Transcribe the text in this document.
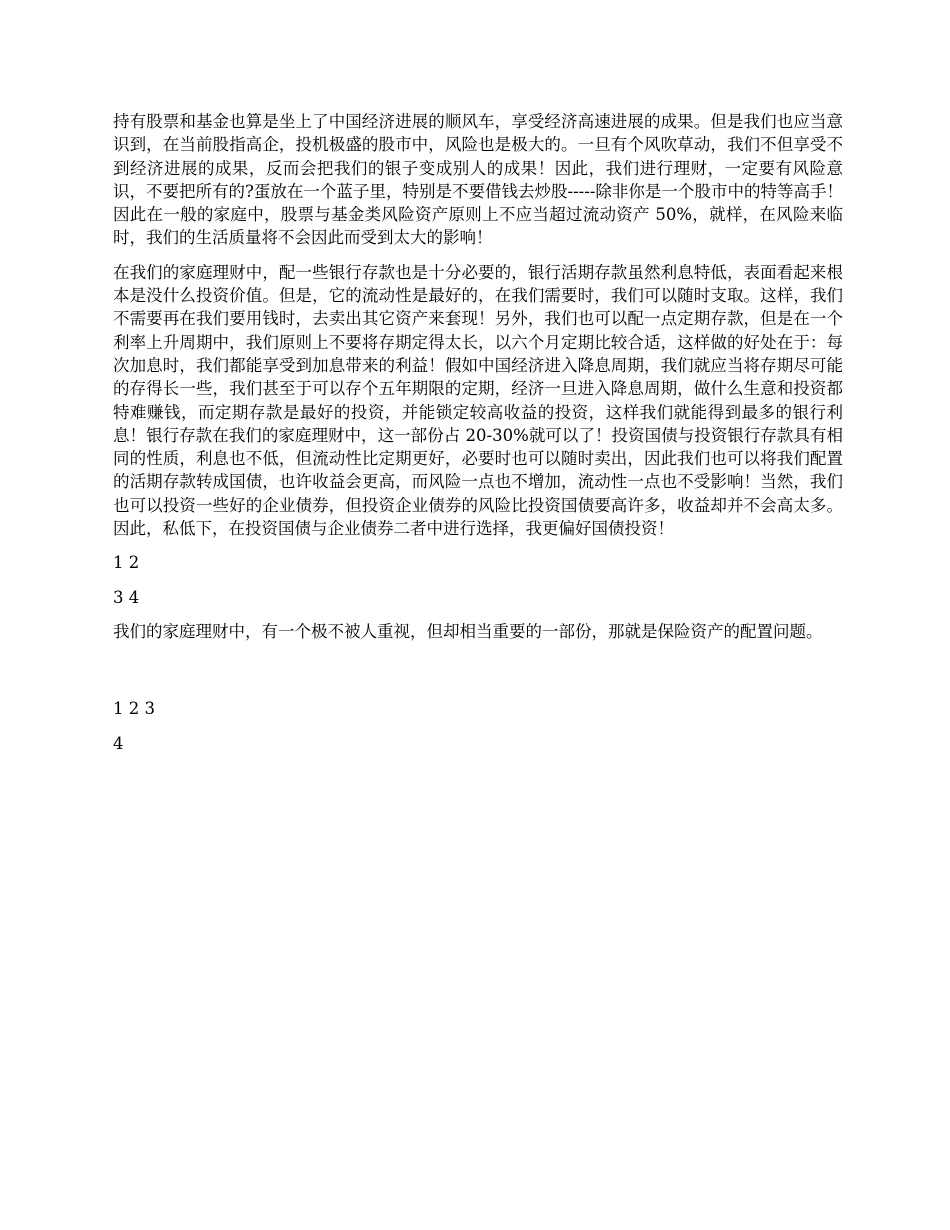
持有股票和基金也算是坐上了中国经济进展的顺风车，享受经济高速进展的成果。但是我们也应当意识到，在当前股指高企，投机极盛的股市中，风险也是极大的。一旦有个风吹草动，我们不但享受不到经济进展的成果，反而会把我们的银子变成别人的成果！因此，我们进行理财，一定要有风险意识，不要把所有的?蛋放在一个蓝子里，特别是不要借钱去炒股-----除非你是一个股市中的特等高手！因此在一般的家庭中，股票与基金类风险资产原则上不应当超过流动资产 50%，就样，在风险来临时，我们的生活质量将不会因此而受到太大的影响！

在我们的家庭理财中，配一些银行存款也是十分必要的，银行活期存款虽然利息特低，表面看起来根本是没什么投资价值。但是，它的流动性是最好的，在我们需要时，我们可以随时支取。这样，我们不需要再在我们要用钱时，去卖出其它资产来套现！另外，我们也可以配一点定期存款，但是在一个利率上升周期中，我们原则上不要将存期定得太长，以六个月定期比较合适，这样做的好处在于：每次加息时，我们都能享受到加息带来的利益！假如中国经济进入降息周期，我们就应当将存期尽可能的存得长一些，我们甚至于可以存个五年期限的定期，经济一旦进入降息周期，做什么生意和投资都特难赚钱，而定期存款是最好的投资，并能锁定较高收益的投资，这样我们就能得到最多的银行利息！银行存款在我们的家庭理财中，这一部份占 20-30%就可以了！投资国债与投资银行存款具有相同的性质，利息也不低，但流动性比定期更好，必要时也可以随时卖出，因此我们也可以将我们配置的活期存款转成国债，也许收益会更高，而风险一点也不增加，流动性一点也不受影响！当然，我们也可以投资一些好的企业债券，但投资企业债券的风险比投资国债要高许多，收益却并不会高太多。因此，私低下，在投资国债与企业债券二者中进行选择，我更偏好国债投资！

1 2

3 4

我们的家庭理财中，有一个极不被人重视，但却相当重要的一部份，那就是保险资产的配置问题。

1 2 3

4
